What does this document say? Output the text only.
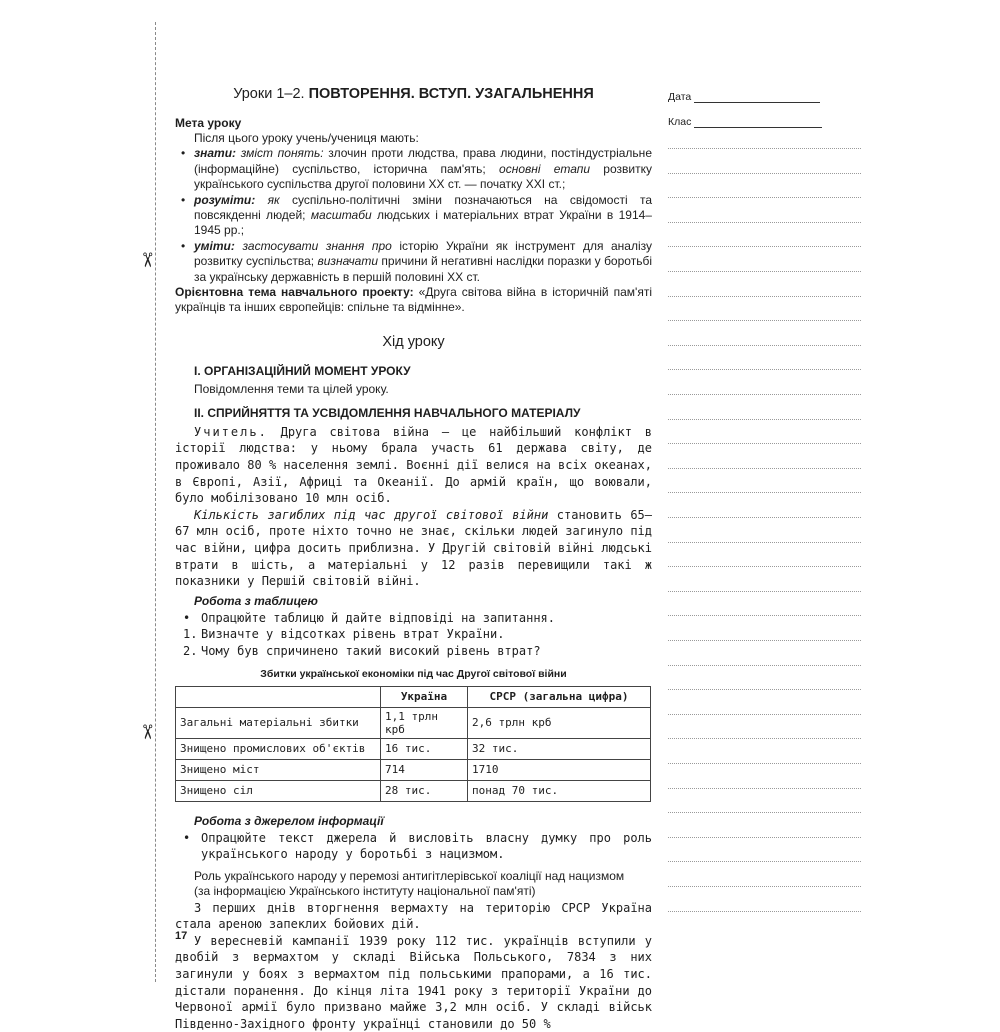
✂
✂
Уроки 1–2. ПОВТОРЕННЯ. ВСТУП. УЗАГАЛЬНЕННЯ
Мета уроку
Після цього уроку учень/учениця мають:
• знати: зміст понять: злочин проти людства, права людини, постіндустріальне (інформаційне) суспільство, історична пам'ять; основні етапи розвитку українського суспільства другої половини XX ст. — початку XXI ст.;
• розуміти: як суспільно-політичні зміни позначаються на свідомості та повсякденні людей; масштаби людських і матеріальних втрат України в 1914–1945 рр.;
• уміти: застосувати знання про історію України як інструмент для аналізу розвитку суспільства; визначати причини й негативні наслідки поразки у боротьбі за українську державність в першій половині XX ст.
Орієнтовна тема навчального проекту: «Друга світова війна в історичній пам'яті українців та інших європейців: спільне та відмінне».
Хід уроку
I. ОРГАНІЗАЦІЙНИЙ МОМЕНТ УРОКУ
Повідомлення теми та цілей уроку.
II. СПРИЙНЯТТЯ ТА УСВІДОМЛЕННЯ НАВЧАЛЬНОГО МАТЕРІАЛУ

Учитель. Друга світова війна — це найбільший конфлікт в історії людства: у ньому брала участь 61 держава світу, де проживало 80 % населення землі. Воєнні дії велися на всіх океанах, в Європі, Азії, Африці та Океанії. До армій країн, що воювали, було мобілізовано 10 млн осіб.

Кількість загиблих під час другої світової війни становить 65–67 млн осіб, проте ніхто точно не знає, скільки людей загинуло під час війни, цифра досить приблизна. У Другій світовій війні людські втрати в шість, а матеріальні у 12 разів перевищили такі ж показники у Першій світовій війні.

Робота з таблицею
• Опрацюйте таблицю й дайте відповіді на запитання.
1. Визначте у відсотках рівень втрат України.
2. Чому був спричинено такий високий рівень втрат?
Збитки української економіки під час Другої світової війни
	Україна	СРСР (загальна цифра)
Загальні матеріальні збитки	1,1 трлн крб	2,6 трлн крб
Знищено промислових об'єктів	16 тис.	32 тис.
Знищено міст	714	1710
Знищено сіл	28 тис.	понад 70 тис.
Робота з джерелом інформації
• Опрацюйте текст джерела й висловіть власну думку про роль українського народу у боротьбі з нацизмом.
Роль українського народу у перемозі антигітлерівської коаліції над нацизмом
(за інформацією Українського інституту національної пам'яті)

З перших днів вторгнення вермахту на територію СРСР Україна стала ареною запеклих бойових дій.

У вересневій кампанії 1939 року 112 тис. українців вступили у двобій з вермахтом у складі Війська Польського, 7834 з них загинули у боях з вермахтом під польськими прапорами, а 16 тис. дістали поранення. До кінця літа 1941 року з території України до Червоної армії було призвано майже 3,2 млн осіб. У складі військ Південно-Західного фронту українці становили до 50 %

Дата
Клас
17
